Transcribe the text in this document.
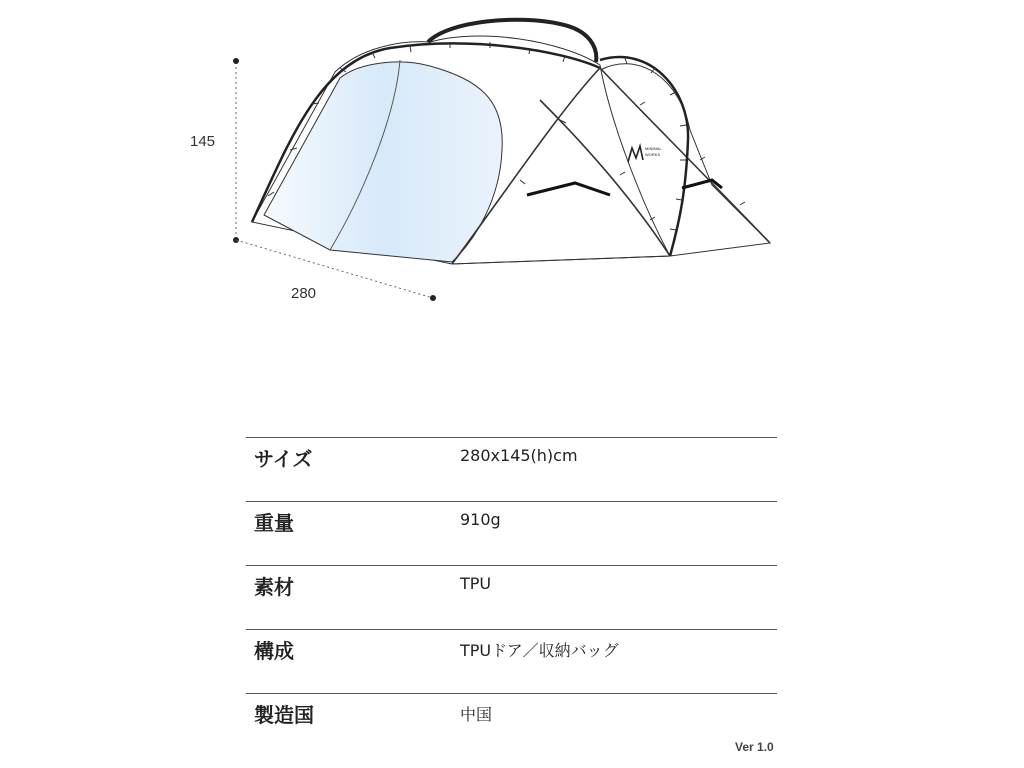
MINIMAL
WORKS
145
280
サイズ	280x145(h)cm
重量	910g
素材	TPU
構成	TPUドア／収納バッグ
製造国	中国
Ver 1.0
